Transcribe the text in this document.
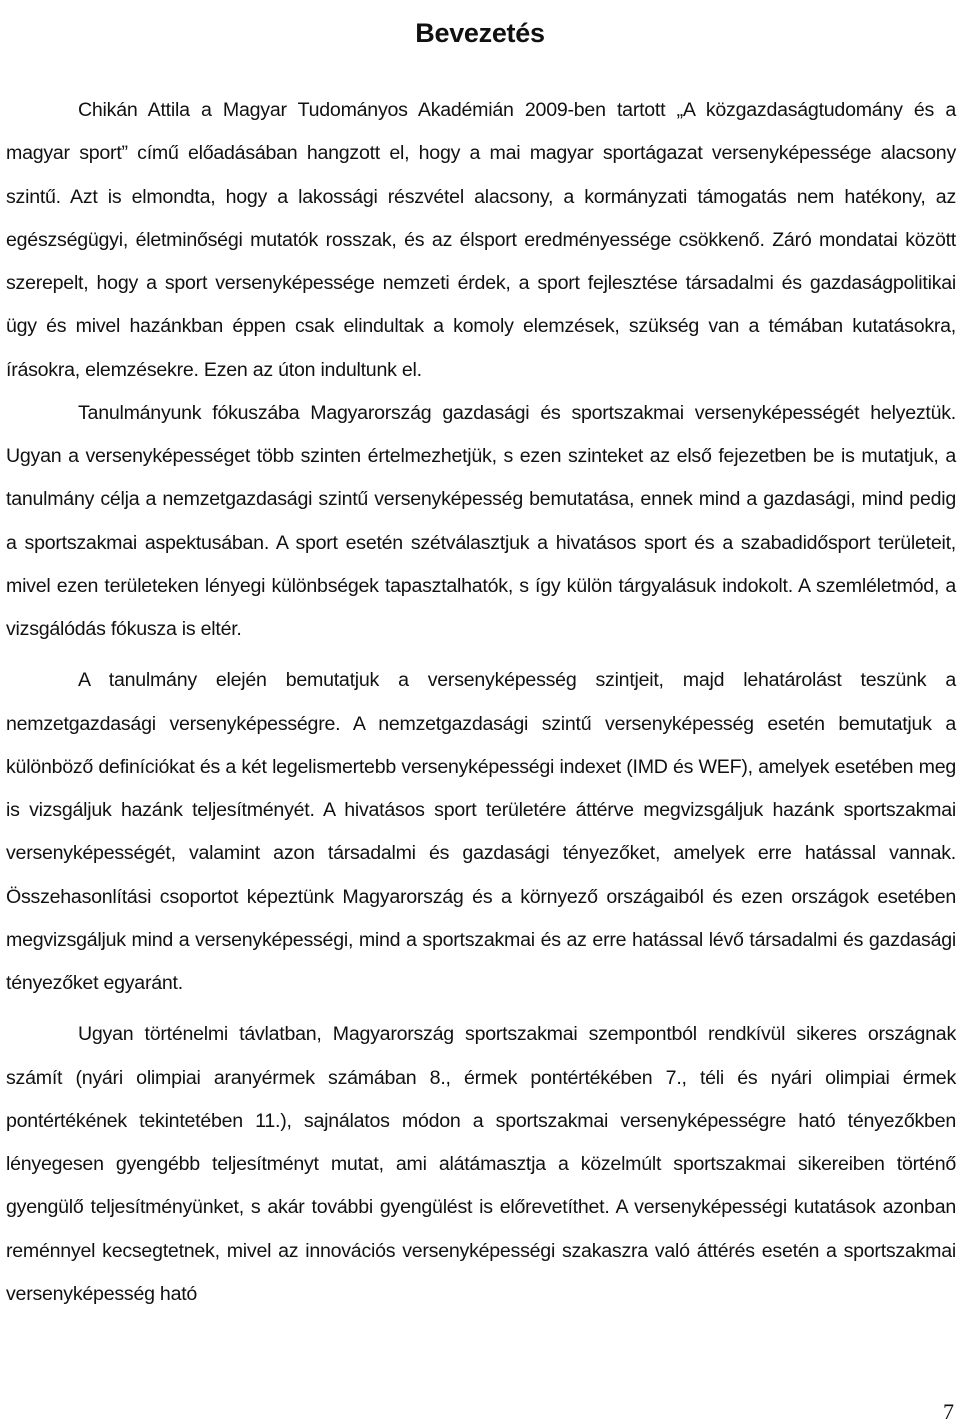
Bevezetés

Chikán Attila a Magyar Tudományos Akadémián 2009-ben tartott „A közgazdaságtudomány és a magyar sport” című előadásában hangzott el, hogy a mai magyar sportágazat versenyképessége alacsony szintű. Azt is elmondta, hogy a lakossági részvétel alacsony, a kormányzati támogatás nem hatékony, az egészségügyi, életminőségi mutatók rosszak, és az élsport eredményessége csökkenő. Záró mondatai között szerepelt, hogy a sport versenyképessége nemzeti érdek, a sport fejlesztése társadalmi és gazdaságpolitikai ügy és mivel hazánkban éppen csak elindultak a komoly elemzések, szükség van a témában kutatásokra, írásokra, elemzésekre. Ezen az úton indultunk el.

Tanulmányunk fókuszába Magyarország gazdasági és sportszakmai versenyképességét helyeztük. Ugyan a versenyképességet több szinten értelmezhetjük, s ezen szinteket az első fejezetben be is mutatjuk, a tanulmány célja a nemzetgazdasági szintű versenyképesség bemutatása, ennek mind a gazdasági, mind pedig a sportszakmai aspektusában. A sport esetén szétválasztjuk a hivatásos sport és a szabadidősport területeit, mivel ezen területeken lényegi különbségek tapasztalhatók, s így külön tárgyalásuk indokolt. A szemléletmód, a vizsgálódás fókusza is eltér.

A tanulmány elején bemutatjuk a versenyképesség szintjeit, majd lehatárolást teszünk a nemzetgazdasági versenyképességre. A nemzetgazdasági szintű versenyképesség esetén bemutatjuk a különböző definíciókat és a két legelismertebb versenyképességi indexet (IMD és WEF), amelyek esetében meg is vizsgáljuk hazánk teljesítményét. A hivatásos sport területére áttérve megvizsgáljuk hazánk sportszakmai versenyképességét, valamint azon társadalmi és gazdasági tényezőket, amelyek erre hatással vannak. Összehasonlítási csoportot képeztünk Magyarország és a környező országaiból és ezen országok esetében megvizsgáljuk mind a versenyképességi, mind a sportszakmai és az erre hatással lévő társadalmi és gazdasági tényezőket egyaránt.

Ugyan történelmi távlatban, Magyarország sportszakmai szempontból rendkívül sikeres országnak számít (nyári olimpiai aranyérmek számában 8., érmek pontértékében 7., téli és nyári olimpiai érmek pontértékének tekintetében 11.), sajnálatos módon a sportszakmai versenyképességre ható tényezőkben lényegesen gyengébb teljesítményt mutat, ami alátámasztja a közelmúlt sportszakmai sikereiben történő gyengülő teljesítményünket, s akár további gyengülést is előrevetíthet. A versenyképességi kutatások azonban reménnyel kecsegtetnek, mivel az innovációs versenyképességi szakaszra való áttérés esetén a sportszakmai versenyképesség ható

7
